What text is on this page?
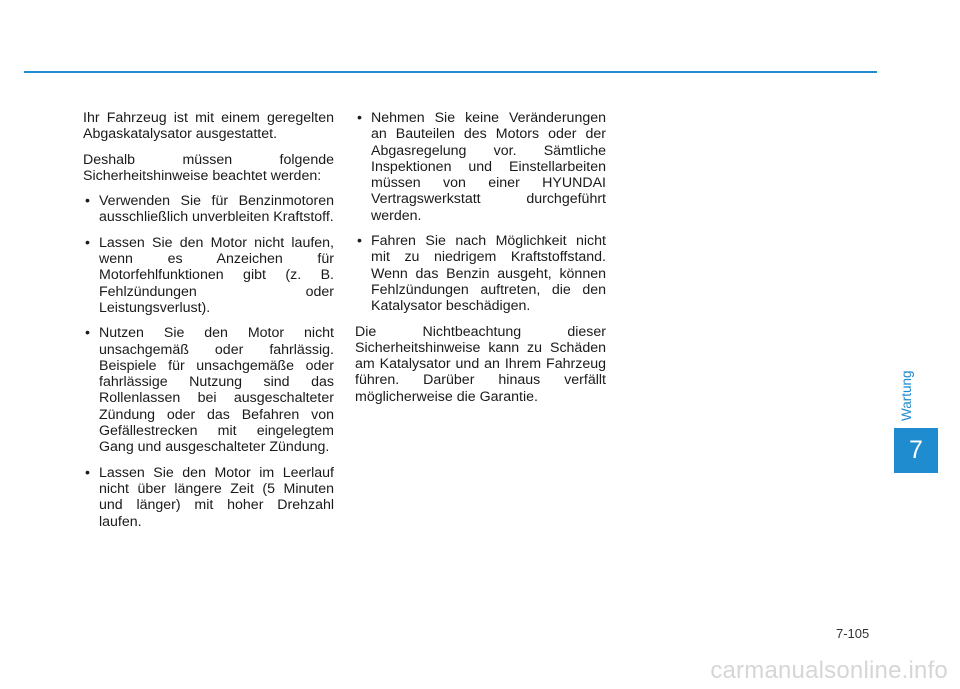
Ihr Fahrzeug ist mit einem geregelten Abgaskatalysator ausgestattet.

Deshalb müssen folgende Sicherheitshinweise beachtet werden:

• Verwenden Sie für Benzinmotoren ausschließlich unverbleiten Kraftstoff.
• Lassen Sie den Motor nicht laufen, wenn es Anzeichen für Motorfehlfunktionen gibt (z. B. Fehlzündungen oder Leistungsverlust).
• Nutzen Sie den Motor nicht unsachgemäß oder fahrlässig. Beispiele für unsachgemäße oder fahrlässige Nutzung sind das Rollenlassen bei ausgeschalteter Zündung oder das Befahren von Gefällestrecken mit eingelegtem Gang und ausgeschalteter Zündung.
• Lassen Sie den Motor im Leerlauf nicht über längere Zeit (5 Minuten und länger) mit hoher Drehzahl laufen.
• Nehmen Sie keine Veränderungen an Bauteilen des Motors oder der Abgasregelung vor. Sämtliche Inspektionen und Einstellarbeiten müssen von einer HYUNDAI Vertragswerkstatt durchgeführt werden.
• Fahren Sie nach Möglichkeit nicht mit zu niedrigem Kraftstoffstand. Wenn das Benzin ausgeht, können Fehlzündungen auftreten, die den Katalysator beschädigen.

Die Nichtbeachtung dieser Sicherheitshinweise kann zu Schäden am Katalysator und an Ihrem Fahrzeug führen. Darüber hinaus verfällt möglicherweise die Garantie.	Wartung
7
7-105
carmanualsonline.info
